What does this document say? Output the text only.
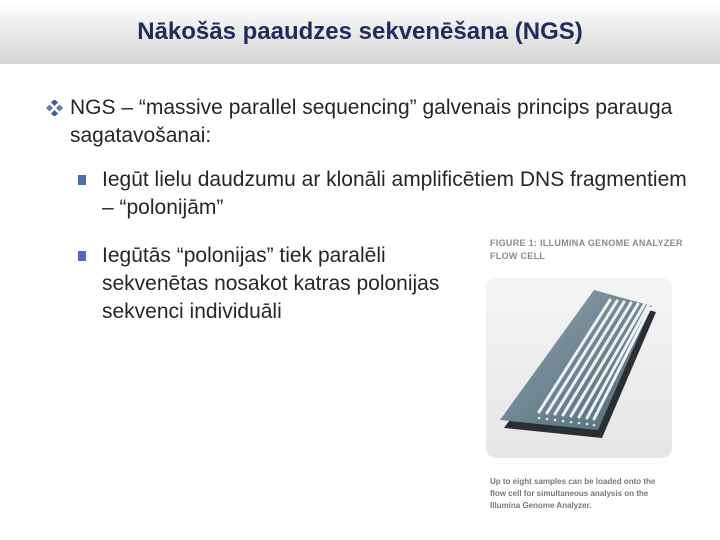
Nākošās paaudzes sekvenēšana (NGS)
NGS – “massive parallel sequencing” galvenais princips parauga sagatavošanai:
Iegūt lielu daudzumu ar klonāli amplificētiem DNS fragmentiem – “polonijām”
Iegūtās “polonijas” tiek paralēli sekvenētas nosakot katras polonijas sekvenci individuāli
FIGURE 1: ILLUMINA GENOME ANALYZER FLOW CELL
Up to eight samples can be loaded onto the flow cell for simultaneous analysis on the Illumina Genome Analyzer.
